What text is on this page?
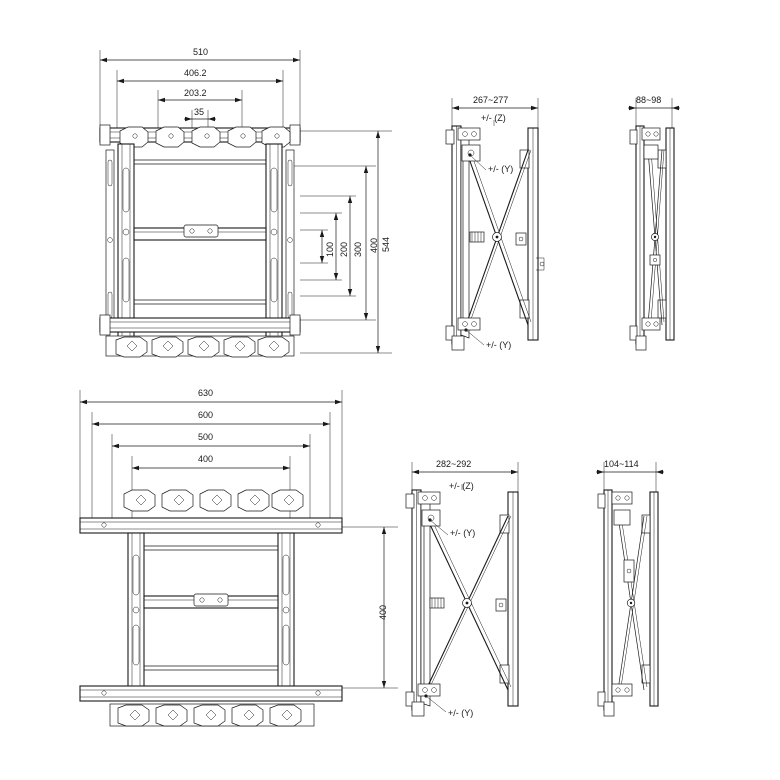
510
406.2
203.2
35
544
400
300
200
100
267~277
+/- (Z)
+/- (Y)
+/- (Y)
88~98
630
600
500
400
400
282~292
+/- (Z)
+/- (Y)
+/- (Y)
104~114
